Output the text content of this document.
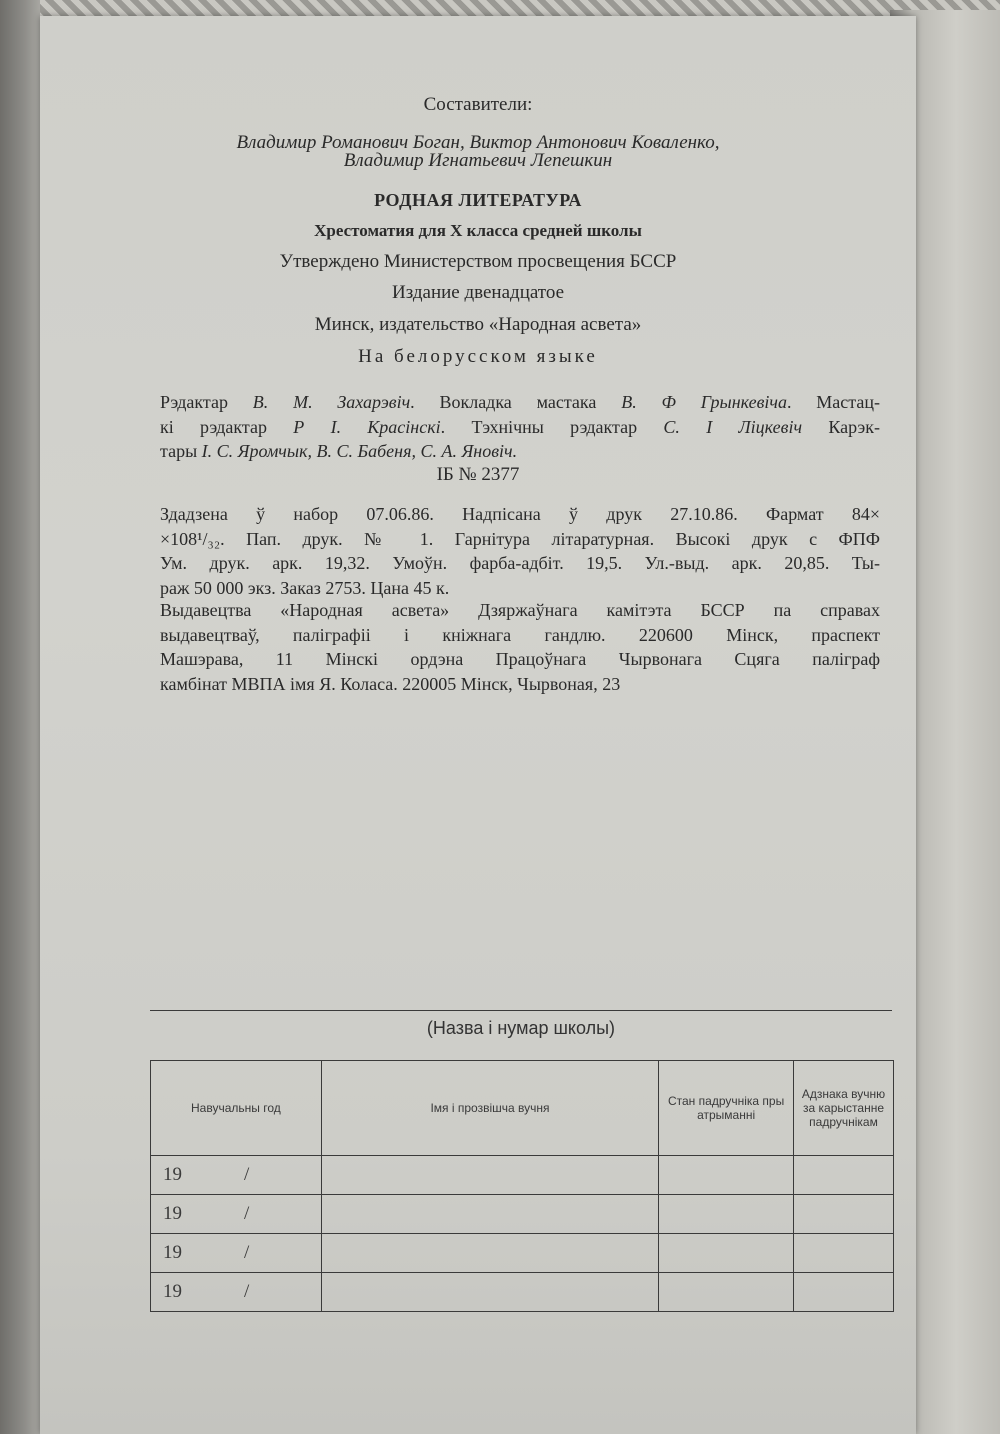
Составители:
Владимир Романович Боган, Виктор Антонович Коваленко,
Владимир Игнатьевич Лепешкин
РОДНАЯ ЛИТЕРАТУРА
Хрестоматия для X класса средней школы
Утверждено Министерством просвещения БССР
Издание двенадцатое
Минск, издательство «Народная асвета»
На белорусском языке

Рэдактар В. М. Захарэвіч. Вокладка мастака В. Ф Грынкевіча. Мастац-

кі рэдактар Р І. Красінскі. Тэхнічны рэдактар С. І Ліцкевіч Карэк-

тары І. С. Яромчык, В. С. Бабеня, С. А. Яновіч.

ІБ № 2377

Здадзена ў набор 07.06.86. Надпісана ў друк 27.10.86. Фармат 84×

×108¹/₃₂. Пап. друк. № 1. Гарнітура літаратурная. Высокі друк с ФПФ

Ум. друк. арк. 19,32. Умоўн. фарба-адбіт. 19,5. Ул.-выд. арк. 20,85. Ты-

раж 50 000 экз. Заказ 2753. Цана 45 к.

Выдавецтва «Народная асвета» Дзяржаўнага камітэта БССР па справах

выдавецтваў, паліграфіі і кніжнага гандлю. 220600 Мінск, праспект

Машэрава, 11 Мінскі ордэна Працоўнага Чырвонага Сцяга паліграф

камбінат МВПА імя Я. Коласа. 220005 Мінск, Чырвоная, 23

(Назва і нумар школы)
Навучальны год	Імя і прозвішча вучня	Стан падручніка пры атрыманні	Адзнака вучню за карыстанне падручнікам
19 /			
19 /			
19 /			
19 /			
